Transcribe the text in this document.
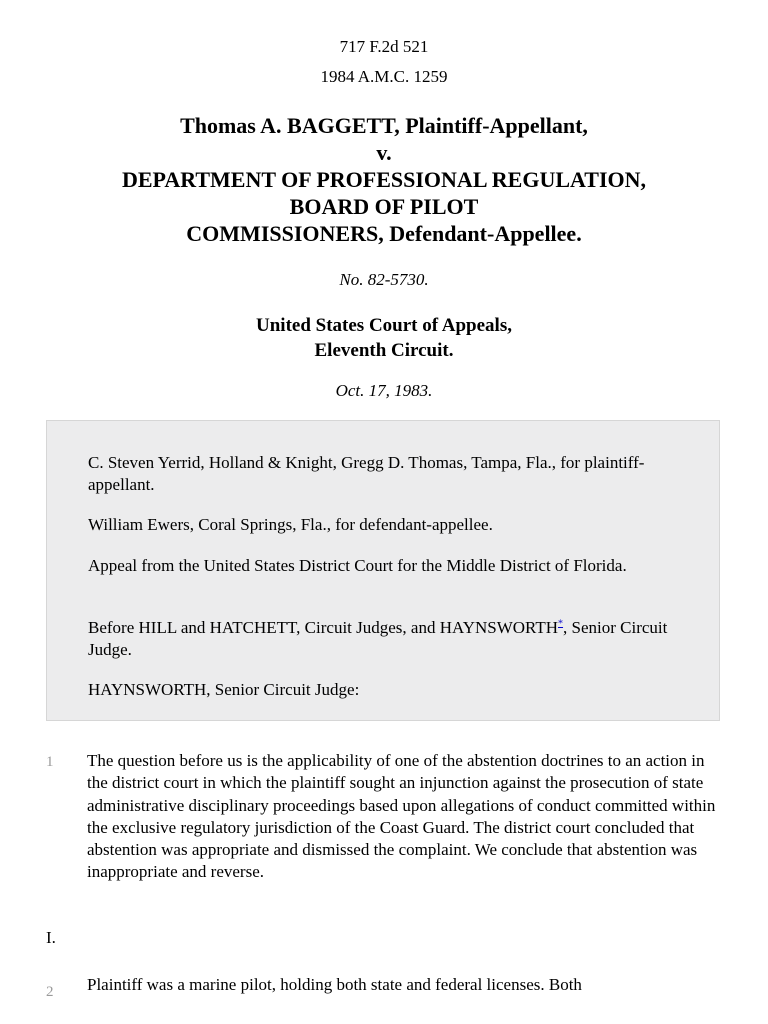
717 F.2d 521
1984 A.M.C. 1259
Thomas A. BAGGETT, Plaintiff-Appellant,
v.
DEPARTMENT OF PROFESSIONAL REGULATION,
BOARD OF PILOT
COMMISSIONERS, Defendant-Appellee.
No. 82-5730.
United States Court of Appeals,
Eleventh Circuit.
Oct. 17, 1983.

C. Steven Yerrid, Holland & Knight, Gregg D. Thomas, Tampa, Fla., for plaintiff-appellant.

William Ewers, Coral Springs, Fla., for defendant-appellee.

Appeal from the United States District Court for the Middle District of Florida.

Before HILL and HATCHETT, Circuit Judges, and HAYNSWORTH*, Senior Circuit Judge.

HAYNSWORTH, Senior Circuit Judge:

1 The question before us is the applicability of one of the abstention doctrines to an action in the district court in which the plaintiff sought an injunction against the prosecution of state administrative disciplinary proceedings based upon allegations of conduct committed within the exclusive regulatory jurisdiction of the Coast Guard. The district court concluded that abstention was appropriate and dismissed the complaint. We conclude that abstention was inappropriate and reverse.

I.
2 Plaintiff was a marine pilot, holding both state and federal licenses. Both
